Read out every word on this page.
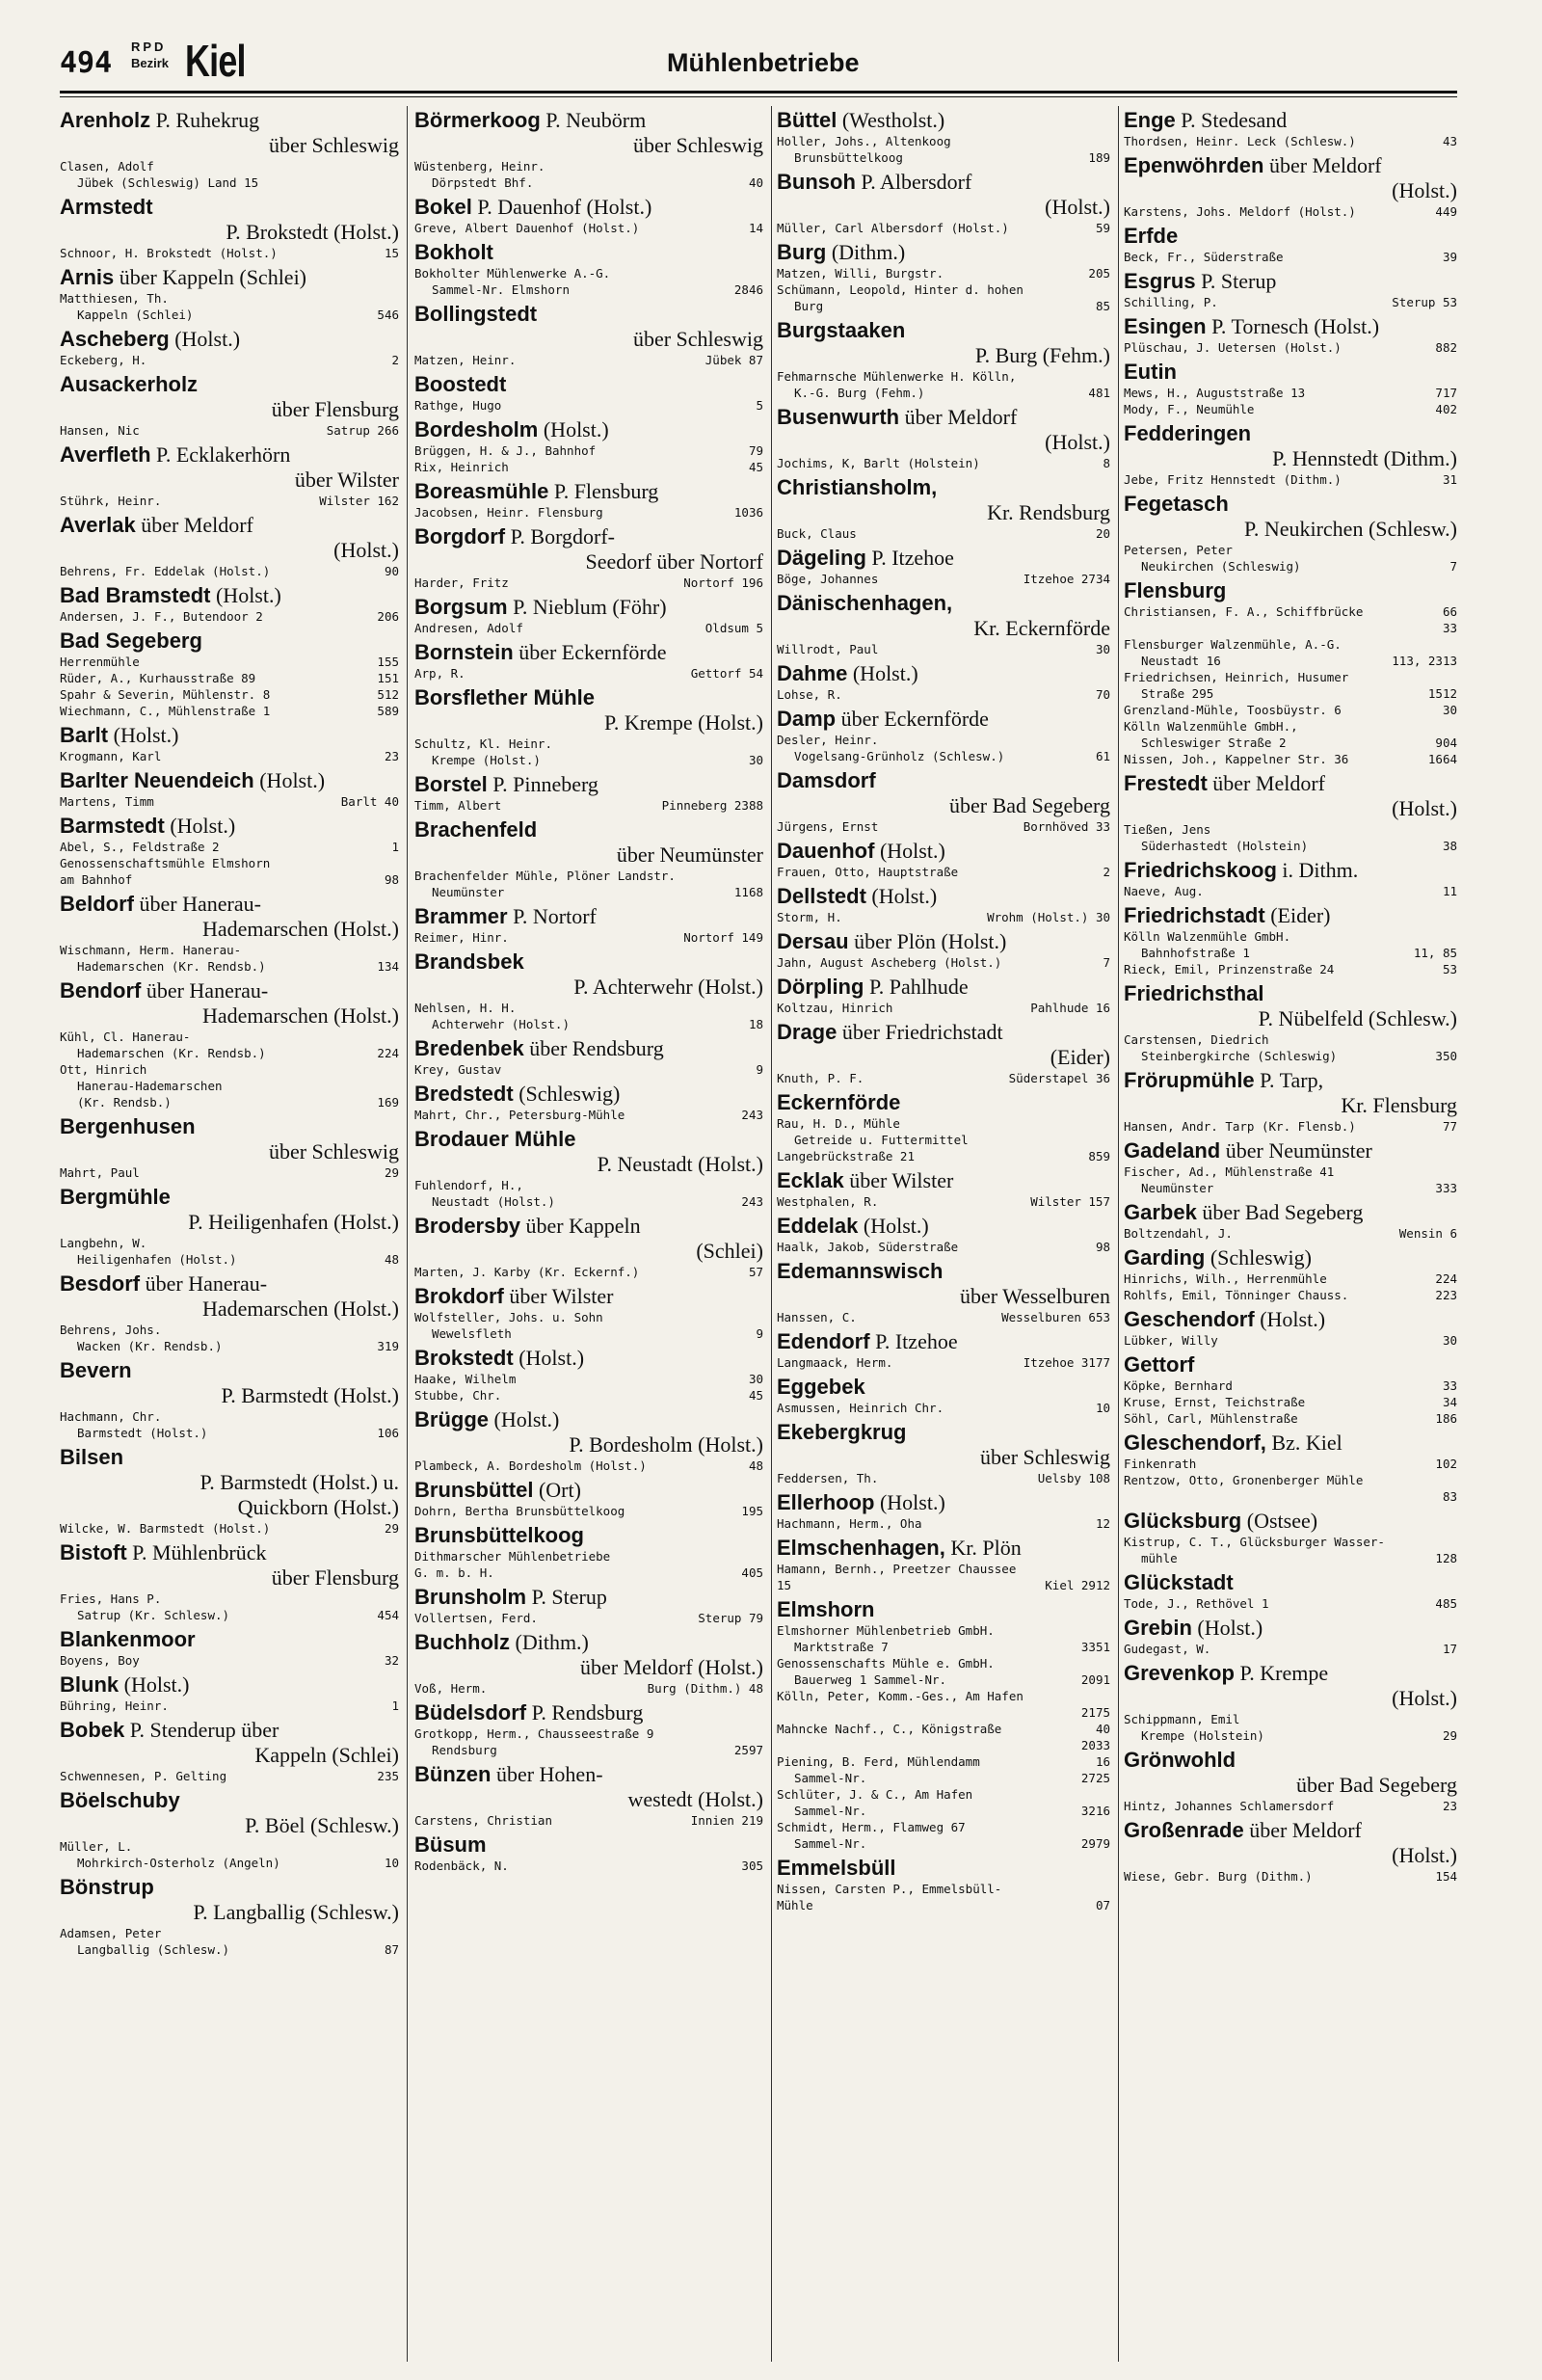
494 RPD
Bezirk Kiel	Mühlenbetriebe
Arenholz P. Ruhekrug
über Schleswig
Clasen, Adolf
Jübek (Schleswig) Land 15
Armstedt
P. Brokstedt (Holst.)
Schnoor, H. Brokstedt (Holst.)	15
Arnis über Kappeln (Schlei)
Matthiesen, Th.
Kappeln (Schlei)	546
Ascheberg (Holst.)
Eckeberg, H.	2
Ausackerholz
über Flensburg
Hansen, Nic	Satrup 266
Averfleth P. Ecklakerhörn
über Wilster
Stührk, Heinr.	Wilster 162
Averlak über Meldorf
(Holst.)
Behrens, Fr. Eddelak (Holst.)	90
Bad Bramstedt (Holst.)
Andersen, J. F., Butendoor 2	206
Bad Segeberg
Herrenmühle	155
Rüder, A., Kurhausstraße 89	151
Spahr & Severin, Mühlenstr. 8	512
Wiechmann, C., Mühlenstraße 1	589
Barlt (Holst.)
Krogmann, Karl	23
Barlter Neuendeich (Holst.)
Martens, Timm	Barlt 40
Barmstedt (Holst.)
Abel, S., Feldstraße 2	1
Genossenschaftsmühle Elmshorn
am Bahnhof	98
Beldorf über Hanerau-
Hademarschen (Holst.)
Wischmann, Herm. Hanerau-
Hademarschen (Kr. Rendsb.)	134
Bendorf über Hanerau-
Hademarschen (Holst.)
Kühl, Cl. Hanerau-
Hademarschen (Kr. Rendsb.)	224
Ott, Hinrich
Hanerau-Hademarschen
(Kr. Rendsb.)	169
Bergenhusen
über Schleswig
Mahrt, Paul	29
Bergmühle
P. Heiligenhafen (Holst.)
Langbehn, W.
Heiligenhafen (Holst.)	48
Besdorf über Hanerau-
Hademarschen (Holst.)
Behrens, Johs.
Wacken (Kr. Rendsb.)	319
Bevern
P. Barmstedt (Holst.)
Hachmann, Chr.
Barmstedt (Holst.)	106
Bilsen
P. Barmstedt (Holst.) u.
Quickborn (Holst.)
Wilcke, W. Barmstedt (Holst.)	29
Bistoft P. Mühlenbrück
über Flensburg
Fries, Hans P.
Satrup (Kr. Schlesw.)	454
Blankenmoor
Boyens, Boy	32
Blunk (Holst.)
Bühring, Heinr.	1
Bobek P. Stenderup über
Kappeln (Schlei)
Schwennesen, P. Gelting	235
Böelschuby
P. Böel (Schlesw.)
Müller, L.
Mohrkirch-Osterholz (Angeln)	10
Bönstrup
P. Langballig (Schlesw.)
Adamsen, Peter
Langballig (Schlesw.)	87
Börmerkoog P. Neubörm
über Schleswig
Wüstenberg, Heinr.
Dörpstedt Bhf.	40
Bokel P. Dauenhof (Holst.)
Greve, Albert Dauenhof (Holst.)	14
Bokholt
Bokholter Mühlenwerke A.-G.
Sammel-Nr. Elmshorn	2846
Bollingstedt
über Schleswig
Matzen, Heinr.	Jübek 87
Boostedt
Rathge, Hugo	5
Bordesholm (Holst.)
Brüggen, H. & J., Bahnhof	79
Rix, Heinrich	45
Boreasmühle P. Flensburg
Jacobsen, Heinr. Flensburg	1036
Borgdorf P. Borgdorf-
Seedorf über Nortorf
Harder, Fritz	Nortorf 196
Borgsum P. Nieblum (Föhr)
Andresen, Adolf	Oldsum 5
Bornstein über Eckernförde
Arp, R.	Gettorf 54
Borsflether Mühle
P. Krempe (Holst.)
Schultz, Kl. Heinr.
Krempe (Holst.)	30
Borstel P. Pinneberg
Timm, Albert	Pinneberg 2388
Brachenfeld
über Neumünster
Brachenfelder Mühle, Plöner Landstr.
Neumünster	1168
Brammer P. Nortorf
Reimer, Hinr.	Nortorf 149
Brandsbek
P. Achterwehr (Holst.)
Nehlsen, H. H.
Achterwehr (Holst.)	18
Bredenbek über Rendsburg
Krey, Gustav	9
Bredstedt (Schleswig)
Mahrt, Chr., Petersburg-Mühle	243
Brodauer Mühle
P. Neustadt (Holst.)
Fuhlendorf, H.,
Neustadt (Holst.)	243
Brodersby über Kappeln
(Schlei)
Marten, J. Karby (Kr. Eckernf.)	57
Brokdorf über Wilster
Wolfsteller, Johs. u. Sohn
Wewelsfleth	9
Brokstedt (Holst.)
Haake, Wilhelm	30
Stubbe, Chr.	45
Brügge (Holst.)
P. Bordesholm (Holst.)
Plambeck, A. Bordesholm (Holst.)	48
Brunsbüttel (Ort)
Dohrn, Bertha Brunsbüttelkoog	195
Brunsbüttelkoog
Dithmarscher Mühlenbetriebe
G. m. b. H.	405
Brunsholm P. Sterup
Vollertsen, Ferd.	Sterup 79
Buchholz (Dithm.)
über Meldorf (Holst.)
Voß, Herm.	Burg (Dithm.) 48
Büdelsdorf P. Rendsburg
Grotkopp, Herm., Chausseestraße 9
Rendsburg	2597
Bünzen über Hohen-
westedt (Holst.)
Carstens, Christian	Innien 219
Büsum
Rodenbäck, N.	305
Büttel (Westholst.)
Holler, Johs., Altenkoog
Brunsbüttelkoog	189
Bunsoh P. Albersdorf
(Holst.)
Müller, Carl Albersdorf (Holst.)	59
Burg (Dithm.)
Matzen, Willi, Burgstr.	205
Schümann, Leopold, Hinter d. hohen
Burg	85
Burgstaaken
P. Burg (Fehm.)
Fehmarnsche Mühlenwerke H. Kölln,
K.-G. Burg (Fehm.)	481
Busenwurth über Meldorf
(Holst.)
Jochims, K, Barlt (Holstein)	8
Christiansholm,
Kr. Rendsburg
Buck, Claus	20
Dägeling P. Itzehoe
Böge, Johannes	Itzehoe 2734
Dänischenhagen,
Kr. Eckernförde
Willrodt, Paul	30
Dahme (Holst.)
Lohse, R.	70
Damp über Eckernförde
Desler, Heinr.
Vogelsang-Grünholz (Schlesw.)	61
Damsdorf
über Bad Segeberg
Jürgens, Ernst	Bornhöved 33
Dauenhof (Holst.)
Frauen, Otto, Hauptstraße	2
Dellstedt (Holst.)
Storm, H.	Wrohm (Holst.) 30
Dersau über Plön (Holst.)
Jahn, August Ascheberg (Holst.)	7
Dörpling P. Pahlhude
Koltzau, Hinrich	Pahlhude 16
Drage über Friedrichstadt
(Eider)
Knuth, P. F.	Süderstapel 36
Eckernförde
Rau, H. D., Mühle
Getreide u. Futtermittel
Langebrückstraße 21	859
Ecklak über Wilster
Westphalen, R.	Wilster 157
Eddelak (Holst.)
Haalk, Jakob, Süderstraße	98
Edemannswisch
über Wesselburen
Hanssen, C.	Wesselburen 653
Edendorf P. Itzehoe
Langmaack, Herm.	Itzehoe 3177
Eggebek
Asmussen, Heinrich Chr.	10
Ekebergkrug
über Schleswig
Feddersen, Th.	Uelsby 108
Ellerhoop (Holst.)
Hachmann, Herm., Oha	12
Elmschenhagen, Kr. Plön
Hamann, Bernh., Preetzer Chaussee
15	Kiel 2912
Elmshorn
Elmshorner Mühlenbetrieb GmbH.
Marktstraße 7	3351
Genossenschafts Mühle e. GmbH.
Bauerweg 1 Sammel-Nr.	2091
Kölln, Peter, Komm.-Ges., Am Hafen
2175
Mahncke Nachf., C., Königstraße	40
2033
Piening, B. Ferd, Mühlendamm	16
Sammel-Nr.	2725
Schlüter, J. & C., Am Hafen
Sammel-Nr.	3216
Schmidt, Herm., Flamweg 67
Sammel-Nr.	2979
Emmelsbüll
Nissen, Carsten P., Emmelsbüll-
Mühle	07
Enge P. Stedesand
Thordsen, Heinr. Leck (Schlesw.)	43
Epenwöhrden über Meldorf
(Holst.)
Karstens, Johs. Meldorf (Holst.)	449
Erfde
Beck, Fr., Süderstraße	39
Esgrus P. Sterup
Schilling, P.	Sterup 53
Esingen P. Tornesch (Holst.)
Plüschau, J. Uetersen (Holst.)	882
Eutin
Mews, H., Auguststraße 13	717
Mody, F., Neumühle	402
Fedderingen
P. Hennstedt (Dithm.)
Jebe, Fritz Hennstedt (Dithm.)	31
Fegetasch
P. Neukirchen (Schlesw.)
Petersen, Peter
Neukirchen (Schleswig)	7
Flensburg
Christiansen, F. A., Schiffbrücke	66
33
Flensburger Walzenmühle, A.-G.
Neustadt 16	113, 2313
Friedrichsen, Heinrich, Husumer
Straße 295	1512
Grenzland-Mühle, Toosbüystr. 6	30
Kölln Walzenmühle GmbH.,
Schleswiger Straße 2	904
Nissen, Joh., Kappelner Str. 36	1664
Frestedt über Meldorf
(Holst.)
Tießen, Jens
Süderhastedt (Holstein)	38
Friedrichskoog i. Dithm.
Naeve, Aug.	11
Friedrichstadt (Eider)
Kölln Walzenmühle GmbH.
Bahnhofstraße 1	11, 85
Rieck, Emil, Prinzenstraße 24	53
Friedrichsthal
P. Nübelfeld (Schlesw.)
Carstensen, Diedrich
Steinbergkirche (Schleswig)	350
Frörupmühle P. Tarp,
Kr. Flensburg
Hansen, Andr. Tarp (Kr. Flensb.)	77
Gadeland über Neumünster
Fischer, Ad., Mühlenstraße 41
Neumünster	333
Garbek über Bad Segeberg
Boltzendahl, J.	Wensin 6
Garding (Schleswig)
Hinrichs, Wilh., Herrenmühle	224
Rohlfs, Emil, Tönninger Chauss.	223
Geschendorf (Holst.)
Lübker, Willy	30
Gettorf
Köpke, Bernhard	33
Kruse, Ernst, Teichstraße	34
Söhl, Carl, Mühlenstraße	186
Gleschendorf, Bz. Kiel
Finkenrath	102
Rentzow, Otto, Gronenberger Mühle
83
Glücksburg (Ostsee)
Kistrup, C. T., Glücksburger Wasser-
mühle	128
Glückstadt
Tode, J., Rethövel 1	485
Grebin (Holst.)
Gudegast, W.	17
Grevenkop P. Krempe
(Holst.)
Schippmann, Emil
Krempe (Holstein)	29
Grönwohld
über Bad Segeberg
Hintz, Johannes Schlamersdorf	23
Großenrade über Meldorf
(Holst.)
Wiese, Gebr. Burg (Dithm.)	154
